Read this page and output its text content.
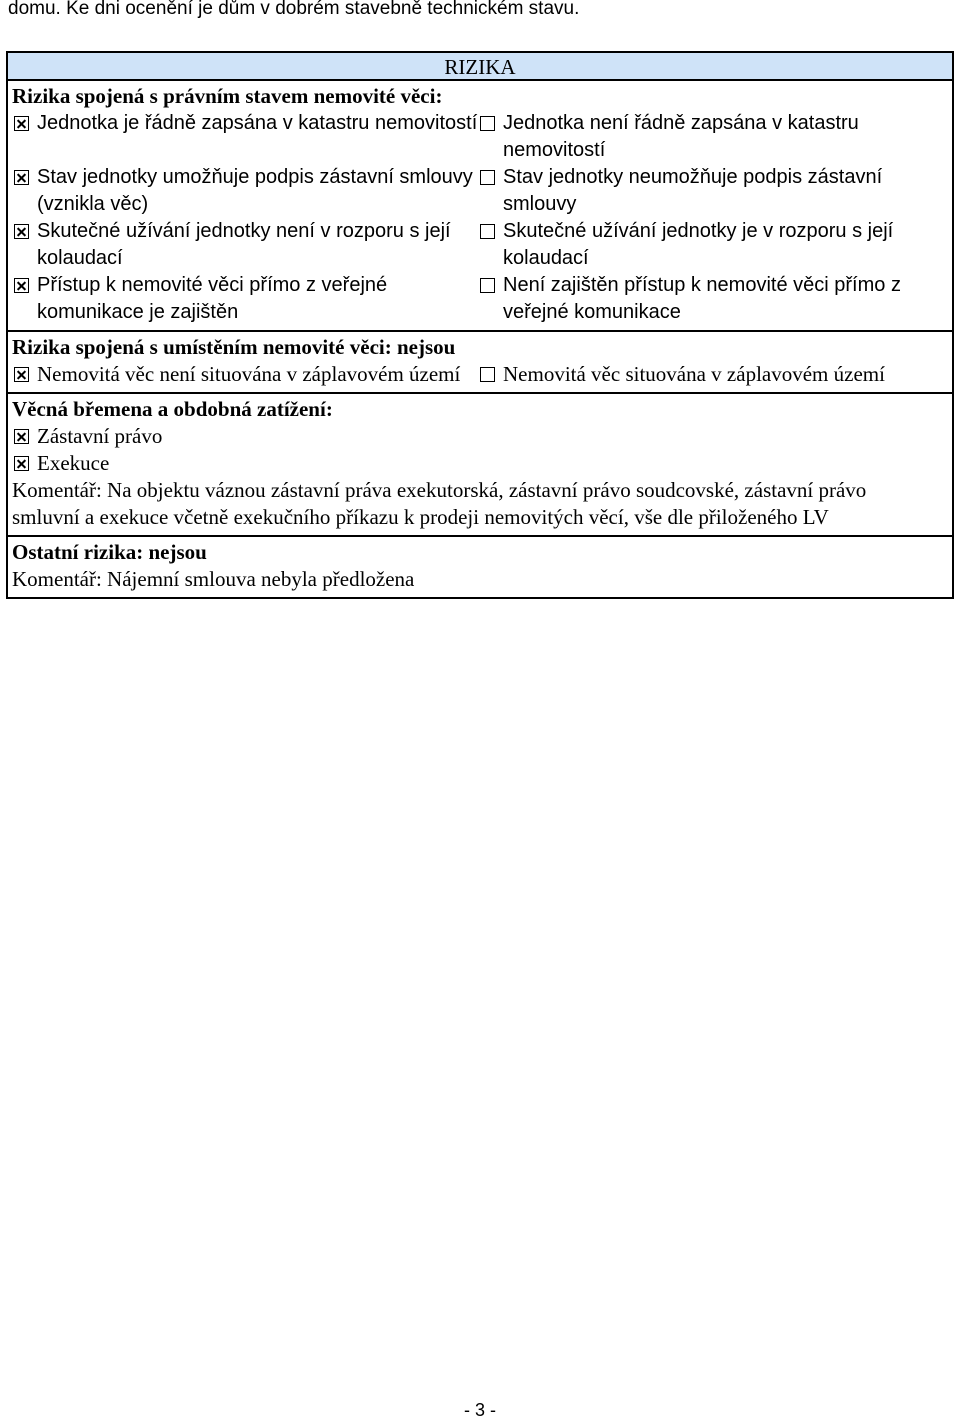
domu. Ke dni ocenění je dům v dobrém stavebně technickém stavu.
RIZIKA
Rizika spojená s právním stavem nemovité věci:
Jednotka je řádně zapsána v katastru nemovitostí Jednotka není řádně zapsána v katastru nemovitostí
Stav jednotky umožňuje podpis zástavní smlouvy (vznikla věc)
Stav jednotky neumožňuje podpis zástavní smlouvy
Skutečné užívání jednotky není v rozporu s její kolaudací
Skutečné užívání jednotky je v rozporu s její kolaudací
Přístup k nemovité věci přímo z veřejné komunikace je zajištěn
Není zajištěn přístup k nemovité věci přímo z veřejné komunikace
Rizika spojená s umístěním nemovité věci: nejsou
Nemovitá věc není situována v záplavovém území Nemovitá věc situována v záplavovém území
Věcná břemena a obdobná zatížení:
Zástavní právo
Exekuce
Komentář: Na objektu váznou zástavní práva exekutorská, zástavní právo soudcovské, zástavní právo smluvní a exekuce včetně exekučního příkazu k prodeji nemovitých věcí, vše dle přiloženého LV
Ostatní rizika: nejsou
Komentář: Nájemní smlouva nebyla předložena
- 3 -
